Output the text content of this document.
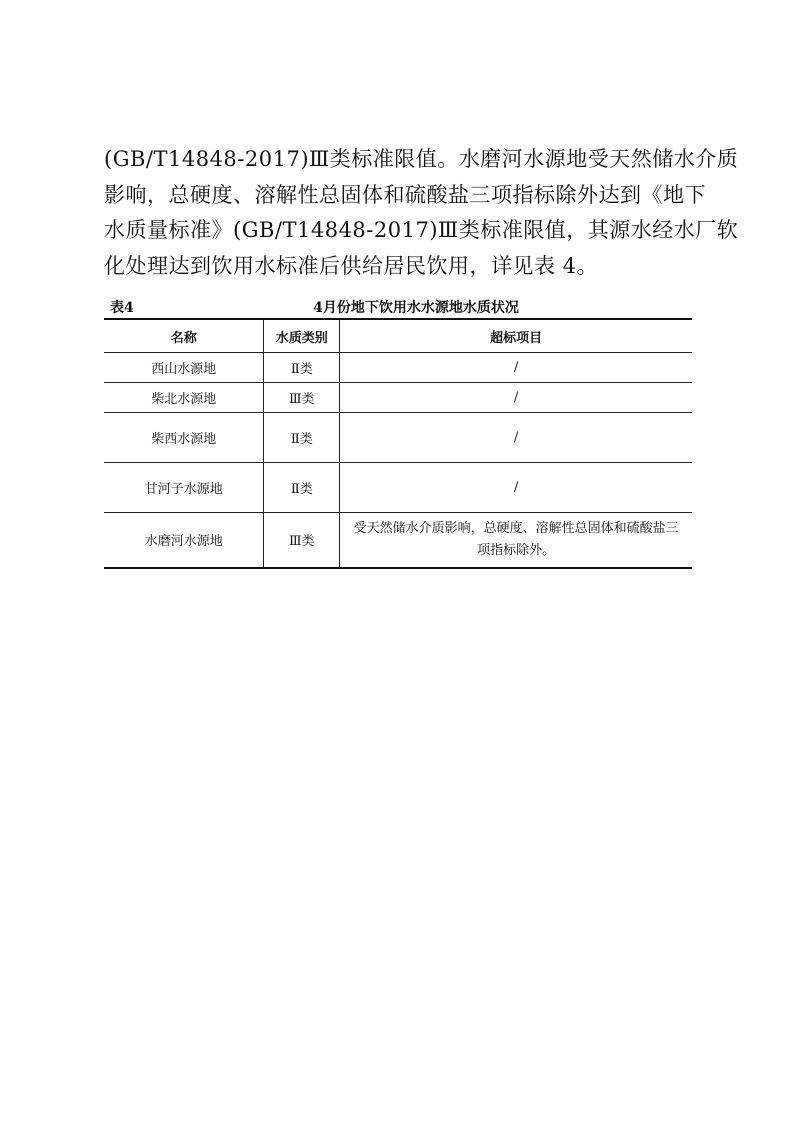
(GB/T14848-2017)Ⅲ类标准限值。水磨河水源地受天然储水介质
影响，总硬度、溶解性总固体和硫酸盐三项指标除外达到《地下
水质量标准》(GB/T14848-2017)Ⅲ类标准限值，其源水经水厂软
化处理达到饮用水标准后供给居民饮用，详见表 4。
表4	4月份地下饮用水水源地水质状况
名称	水质类别	超标项目
西山水源地	Ⅱ类	/
柴北水源地	Ⅲ类	/
柴西水源地	Ⅱ类	/
甘河子水源地	Ⅱ类	/
水磨河水源地	Ⅲ类	受天然储水介质影响，总硬度、溶解性总固体和硫酸盐三项指标除外。
